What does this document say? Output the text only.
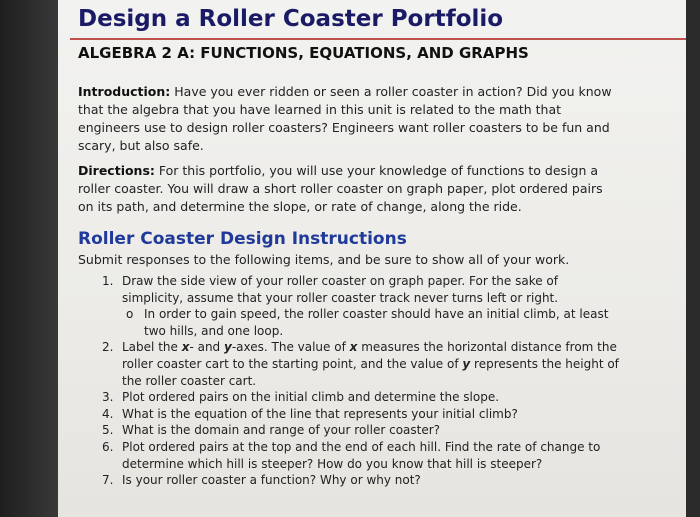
Design a Roller Coaster Portfolio
ALGEBRA 2 A: FUNCTIONS, EQUATIONS, AND GRAPHS
Introduction: Have you ever ridden or seen a roller coaster in action? Did you know that the algebra that you have learned in this unit is related to the math that engineers use to design roller coasters? Engineers want roller coasters to be fun and scary, but also safe.
Directions: For this portfolio, you will use your knowledge of functions to design a roller coaster. You will draw a short roller coaster on graph paper, plot ordered pairs on its path, and determine the slope, or rate of change, along the ride.
Roller Coaster Design Instructions
Submit responses to the following items, and be sure to show all of your work.
1. Draw the side view of your roller coaster on graph paper. For the sake of simplicity, assume that your roller coaster track never turns left or right.
o In order to gain speed, the roller coaster should have an initial climb, at least two hills, and one loop.
2. Label the x- and y-axes. The value of x measures the horizontal distance from the roller coaster cart to the starting point, and the value of y represents the height of the roller coaster cart.
3. Plot ordered pairs on the initial climb and determine the slope.
4. What is the equation of the line that represents your initial climb?
5. What is the domain and range of your roller coaster?
6. Plot ordered pairs at the top and the end of each hill. Find the rate of change to determine which hill is steeper? How do you know that hill is steeper?
7. Is your roller coaster a function? Why or why not?
